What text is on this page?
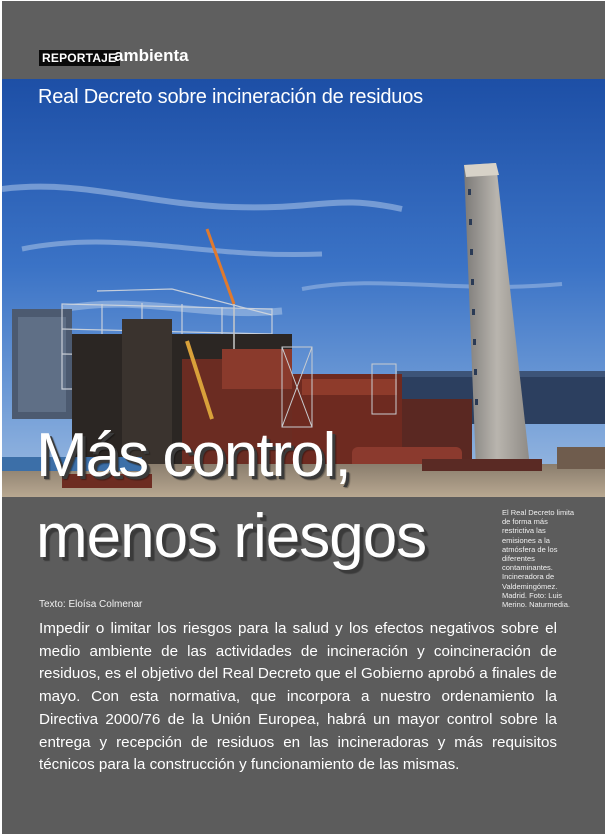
REPORTAJE
ambienta
Real Decreto sobre incineración de residuos
Más control,
menos riesgos	El Real Decreto limita de forma más restrictiva las emisiones a la atmósfera de los diferentes contaminantes. Incineradora de Valdemingómez. Madrid. Foto: Luis Merino. Naturmedia.
Texto: Eloísa Colmenar

Impedir o limitar los riesgos para la salud y los efectos negativos sobre el medio ambiente de las actividades de incineración y coincineración de residuos, es el objetivo del Real Decreto que el Gobierno aprobó a finales de mayo. Con esta normativa, que incorpora a nuestro ordenamiento la Directiva 2000/76 de la Unión Europea, habrá un mayor control sobre la entrega y recepción de residuos en las incineradoras y más requisitos técnicos para la construcción y funcionamiento de las mismas.
